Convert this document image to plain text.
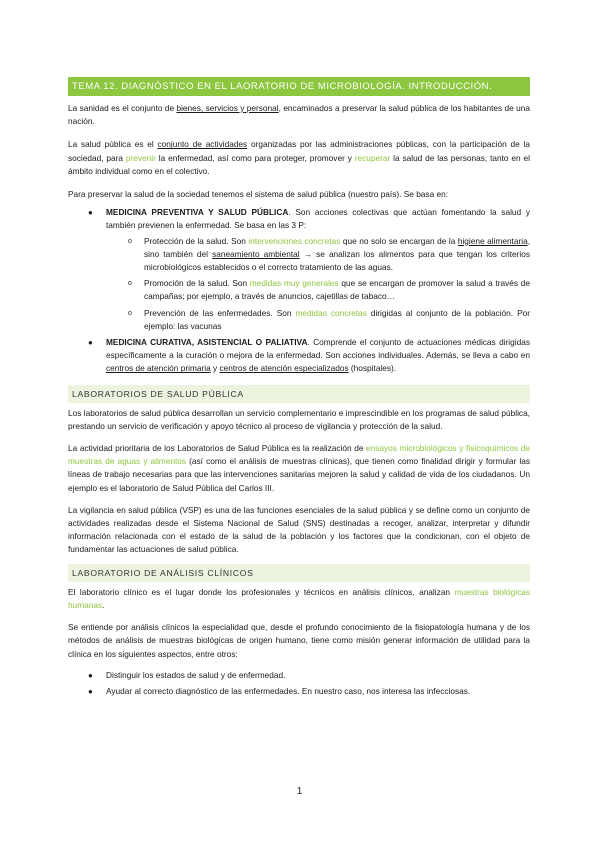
TEMA 12. DIAGNÓSTICO EN EL LAORATORIO DE MICROBIOLOGÍA. INTRODUCCIÓN.

La sanidad es el conjunto de bienes, servicios y personal, encaminados a preservar la salud pública de los habitantes de una nación.

La salud pública es el conjunto de actividades organizadas por las administraciones públicas, con la participación de la sociedad, para prevenir la enfermedad, así como para proteger, promover y recuperar la salud de las personas, tanto en el ámbito individual como en el colectivo.

Para preservar la salud de la sociedad tenemos el sistema de salud pública (nuestro país). Se basa en:

● MEDICINA PREVENTIVA Y SALUD PÚBLICA. Son acciones colectivas que actúan fomentando la salud y también previenen la enfermedad. Se basa en las 3 P:
o Protección de la salud. Son intervenciones concretas que no solo se encargan de la higiene alimentaria, sino también del saneamiento ambiental → se analizan los alimentos para que tengan los criterios microbiológicos establecidos o el correcto tratamiento de las aguas.
o Promoción de la salud. Son medidas muy generales que se encargan de promover la salud a través de campañas; por ejemplo, a través de anuncios, cajetillas de tabaco…
o Prevención de las enfermedades. Son medidas concretas dirigidas al conjunto de la población. Por ejemplo: las vacunas
● MEDICINA CURATIVA, ASISTENCIAL O PALIATIVA. Comprende el conjunto de actuaciones médicas dirigidas específicamente a la curación o mejora de la enfermedad. Son acciones individuales. Además, se lleva a cabo en centros de atención primaria y centros de atención especializados (hospitales).
LABORATORIOS DE SALUD PÚBLICA

Los laboratorios de salud pública desarrollan un servicio complementario e imprescindible en los programas de salud pública, prestando un servicio de verificación y apoyo técnico al proceso de vigilancia y protección de la salud.

La actividad prioritaria de los Laboratorios de Salud Pública es la realización de ensayos microbiológicos y fisicoquímicos de muestras de aguas y alimentos (así como el análisis de muestras clínicas), que tienen como finalidad dirigir y formular las líneas de trabajo necesarias para que las intervenciones sanitarias mejoren la salud y calidad de vida de los ciudadanos. Un ejemplo es el laboratorio de Salud Pública del Carlos III.

La vigilancia en salud pública (VSP) es una de las funciones esenciales de la salud pública y se define como un conjunto de actividades realizadas desde el Sistema Nacional de Salud (SNS) destinadas a recoger, analizar, interpretar y difundir información relacionada con el estado de la salud de la población y los factores que la condicionan, con el objeto de fundamentar las actuaciones de salud pública.

LABORATORIO DE ANÁLISIS CLÍNICOS

El laboratorio clínico es el lugar donde los profesionales y técnicos en análisis clínicos, analizan muestras biológicas humanas.

Se entiende por análisis clínicos la especialidad que, desde el profundo conocimiento de la fisiopatología humana y de los métodos de análisis de muestras biológicas de origen humano, tiene como misión generar información de utilidad para la clínica en los siguientes aspectos, entre otros:

● Distinguir los estados de salud y de enfermedad.
● Ayudar al correcto diagnóstico de las enfermedades. En nuestro caso, nos interesa las infecciosas.
1
